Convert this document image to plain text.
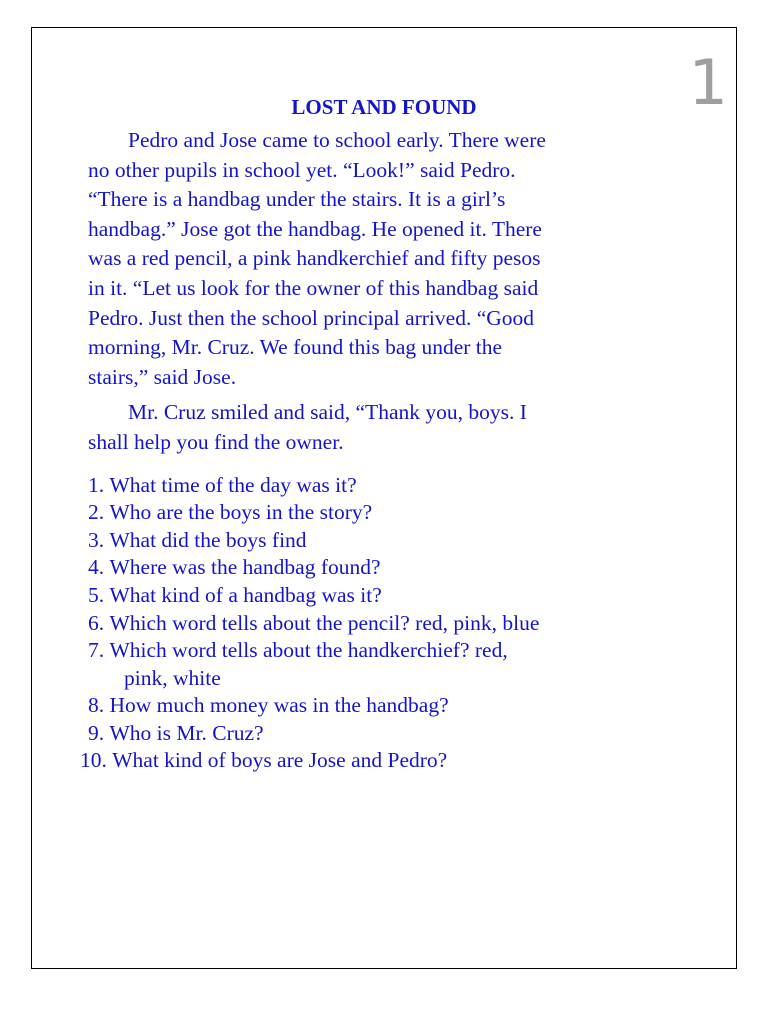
1
LOST AND FOUND

Pedro and Jose came to school early. There were
no other pupils in school yet. “Look!” said Pedro.
“There is a handbag under the stairs. It is a girl’s
handbag.” Jose got the handbag. He opened it. There
was a red pencil, a pink handkerchief and fifty pesos
in it. “Let us look for the owner of this handbag said
Pedro. Just then the school principal arrived. “Good
morning, Mr. Cruz. We found this bag under the
stairs,” said Jose.

Mr. Cruz smiled and said, “Thank you, boys. I
shall help you find the owner.

1.
What time of the day was it?
2.
Who are the boys in the story?
3.
What did the boys find
4.
Where was the handbag found?
5.
What kind of a handbag was it?
6.
Which word tells about the pencil? red, pink, blue
7.
Which word tells about the handkerchief? red,
pink, white
8.
How much money was in the handbag?
9.
Who is Mr. Cruz?
10.
What kind of boys are Jose and Pedro?
